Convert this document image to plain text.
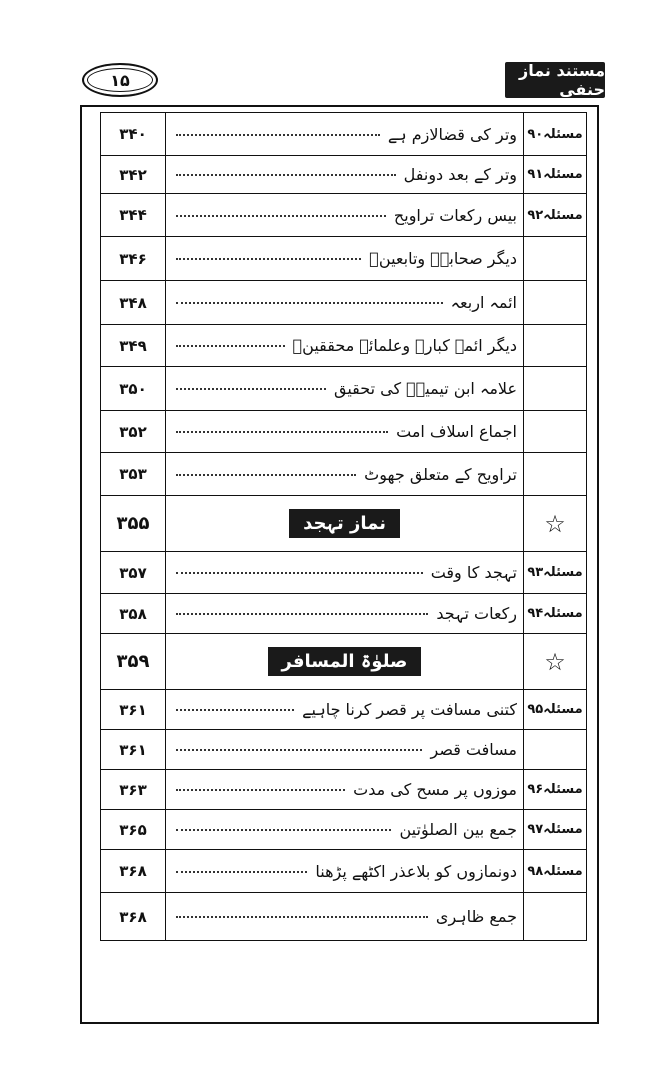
۱۵	مستند نماز حنفی
مسئلہ۹۰
وتر کی قضالازم ہے
۳۴۰
مسئلہ۹۱
وتر کے بعد دونفل
۳۴۲
مسئلہ۹۲
بیس رکعات تراویح
۳۴۴
دیگر صحابہؓ وتابعینؒ
۳۴۶
ائمہ اربعہ
۳۴۸
دیگر ائمہ کبارؒ وعلمائے محققینؒ
۳۴۹
علامہ ابن تیمیہؒ کی تحقیق
۳۵۰
اجماع اسلاف امت
۳۵۲
تراویح کے متعلق جھوٹ
۳۵۳
☆
نماز تہجد
۳۵۵
مسئلہ۹۳
تہجد کا وقت
۳۵۷
مسئلہ۹۴
رکعات تہجد
۳۵۸
☆
صلوٰۃ المسافر
۳۵۹
مسئلہ۹۵
کتنی مسافت پر قصر کرنا چاہیے
۳۶۱
مسافت قصر
۳۶۱
مسئلہ۹۶
موزوں پر مسح کی مدت
۳۶۳
مسئلہ۹۷
جمع بین الصلوٰتین
۳۶۵
مسئلہ۹۸
دونمازوں کو بلاعذر اکٹھے پڑھنا
۳۶۸
جمع ظاہری
۳۶۸
